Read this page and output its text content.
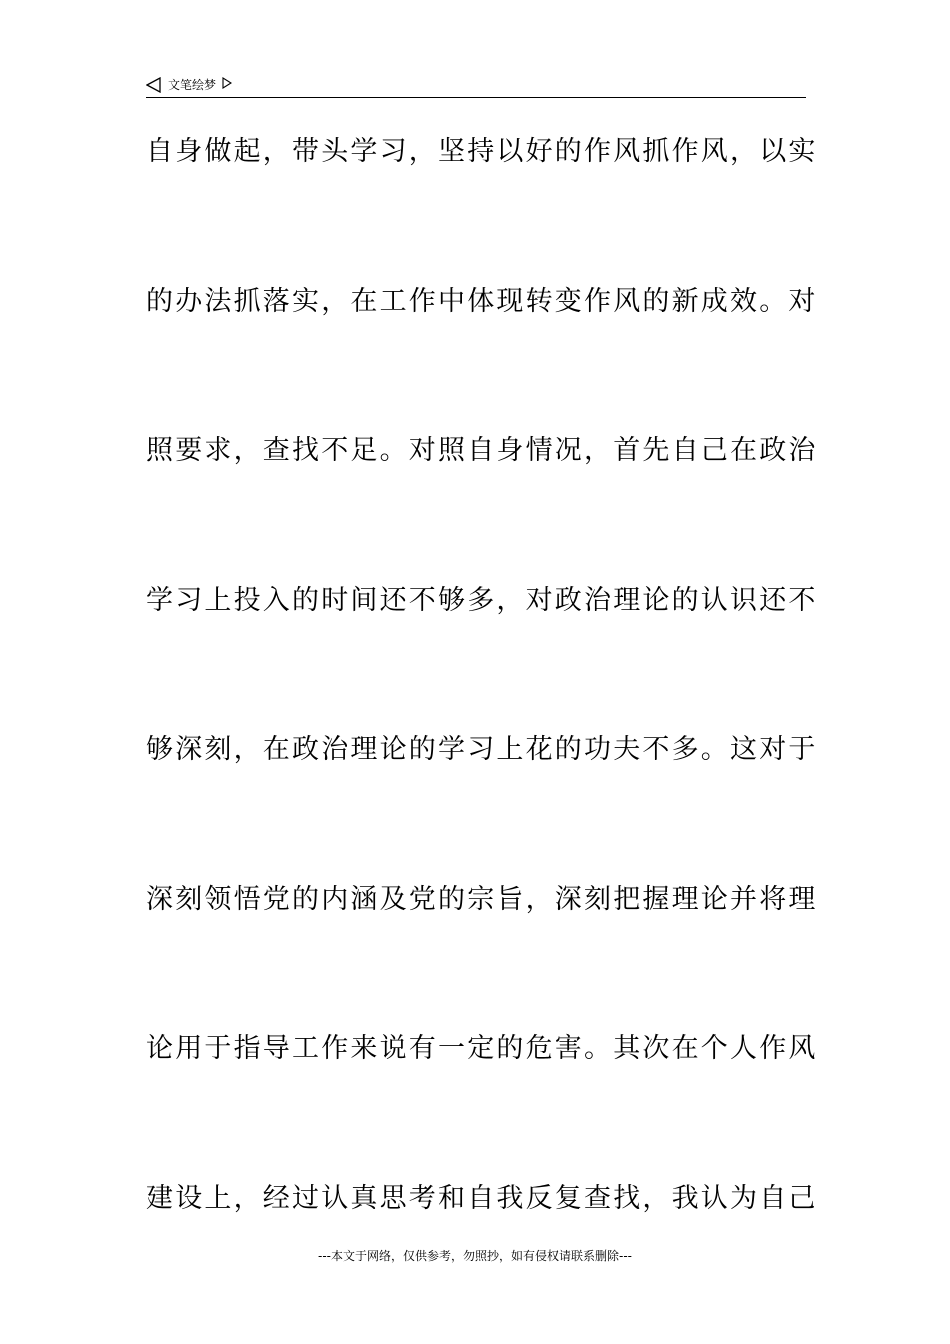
文笔绘梦
自身做起，带头学习，坚持以好的作风抓作风，以实
的办法抓落实，在工作中体现转变作风的新成效。对
照要求，查找不足。对照自身情况，首先自己在政治
学习上投入的时间还不够多，对政治理论的认识还不
够深刻，在政治理论的学习上花的功夫不多。这对于
深刻领悟党的内涵及党的宗旨，深刻把握理论并将理
论用于指导工作来说有一定的危害。其次在个人作风
建设上，经过认真思考和自我反复查找，我认为自己
---本文于网络，仅供参考，勿照抄，如有侵权请联系删除---
